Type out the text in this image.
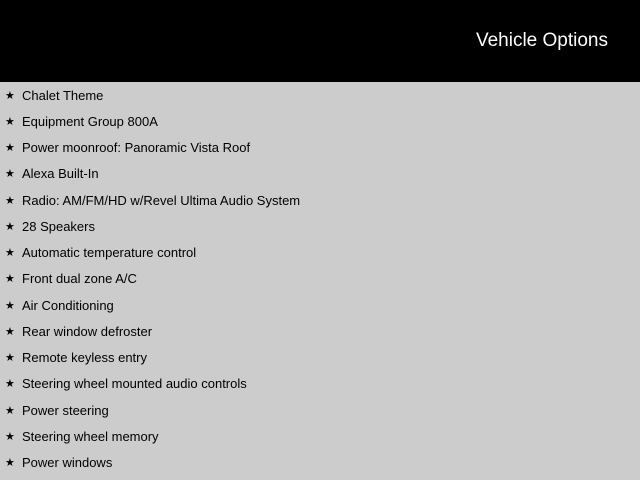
Vehicle Options
★ Chalet Theme
★ Equipment Group 800A
★ Power moonroof: Panoramic Vista Roof
★ Alexa Built-In
★ Radio: AM/FM/HD w/Revel Ultima Audio System
★ 28 Speakers
★ Automatic temperature control
★ Front dual zone A/C
★ Air Conditioning
★ Rear window defroster
★ Remote keyless entry
★ Steering wheel mounted audio controls
★ Power steering
★ Steering wheel memory
★ Power windows
